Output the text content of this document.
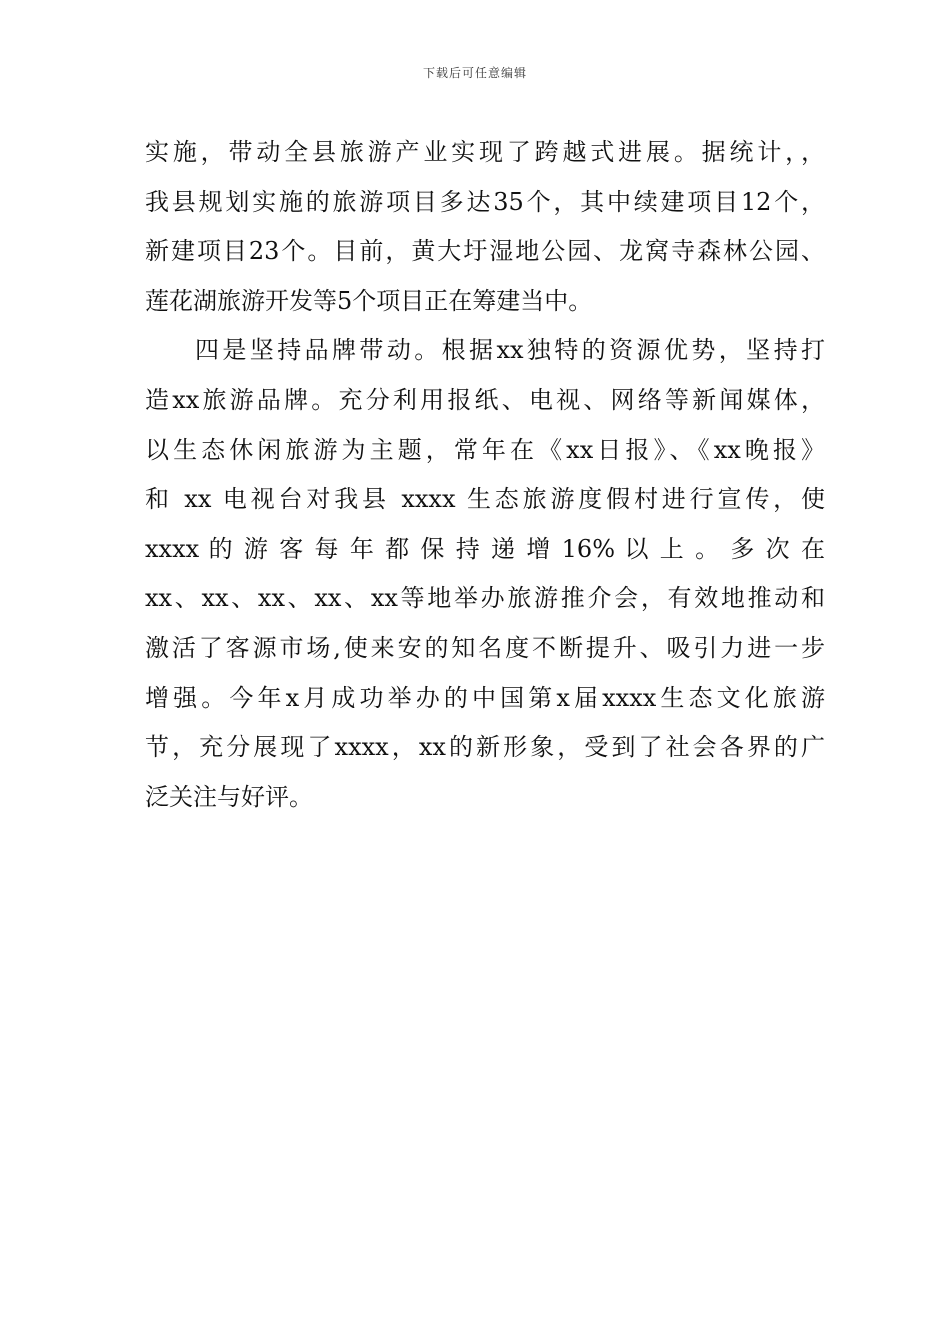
下载后可任意编辑
实施，带动全县旅游产业实现了跨越式进展。据统计，，
我县规划实施的旅游项目多达35个，其中续建项目12个，
新建项目23个。目前，黄大圩湿地公园、龙窝寺森林公园、
莲花湖旅游开发等5个项目正在筹建当中。
四是坚持品牌带动。根据xx独特的资源优势，坚持打
造xx旅游品牌。充分利用报纸、电视、网络等新闻媒体，
以生态休闲旅游为主题，常年在《xx日报》、《xx晚报》
和 xx 电视台对我县 xxxx 生态旅游度假村进行宣传，使
xxxx 的 游 客 每 年 都 保 持 递 增 16% 以 上 。 多 次 在
xx、xx、xx、xx、xx等地举办旅游推介会，有效地推动和
激活了客源市场,使来安的知名度不断提升、吸引力进一步
增强。今年x月成功举办的中国第x届xxxx生态文化旅游
节，充分展现了xxxx，xx的新形象，受到了社会各界的广
泛关注与好评。
